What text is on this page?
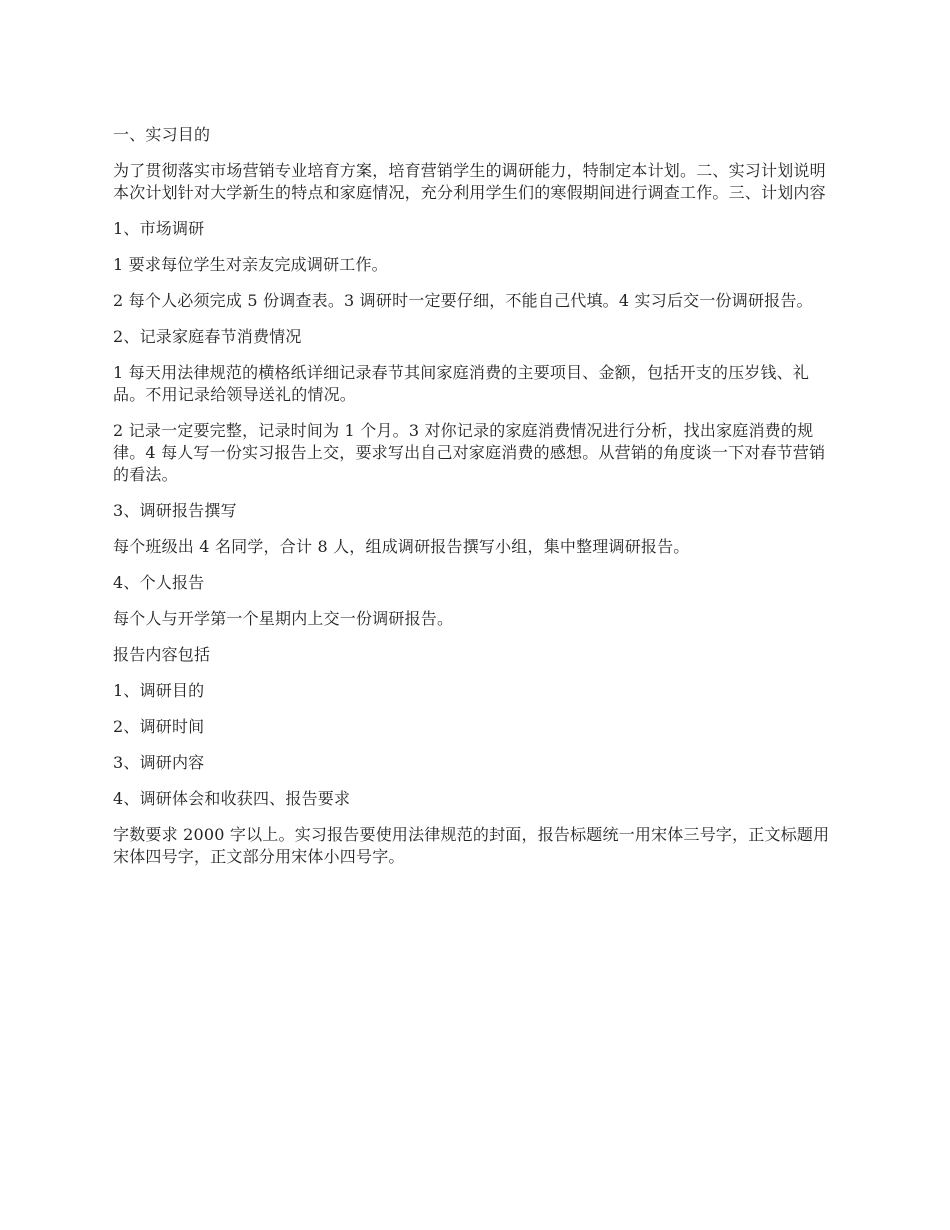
一、实习目的

为了贯彻落实市场营销专业培育方案，培育营销学生的调研能力，特制定本计划。二、实习计划说明本次计划针对大学新生的特点和家庭情况，充分利用学生们的寒假期间进行调查工作。三、计划内容

1、市场调研

1 要求每位学生对亲友完成调研工作。

2 每个人必须完成 5 份调查表。3 调研时一定要仔细，不能自己代填。4 实习后交一份调研报告。

2、记录家庭春节消费情况

1 每天用法律规范的横格纸详细记录春节其间家庭消费的主要项目、金额，包括开支的压岁钱、礼品。不用记录给领导送礼的情况。

2 记录一定要完整，记录时间为 1 个月。3 对你记录的家庭消费情况进行分析，找出家庭消费的规律。4 每人写一份实习报告上交，要求写出自己对家庭消费的感想。从营销的角度谈一下对春节营销的看法。

3、调研报告撰写

每个班级出 4 名同学，合计 8 人，组成调研报告撰写小组，集中整理调研报告。

4、个人报告

每个人与开学第一个星期内上交一份调研报告。

报告内容包括

1、调研目的

2、调研时间

3、调研内容

4、调研体会和收获四、报告要求

字数要求 2000 字以上。实习报告要使用法律规范的封面，报告标题统一用宋体三号字，正文标题用宋体四号字，正文部分用宋体小四号字。
